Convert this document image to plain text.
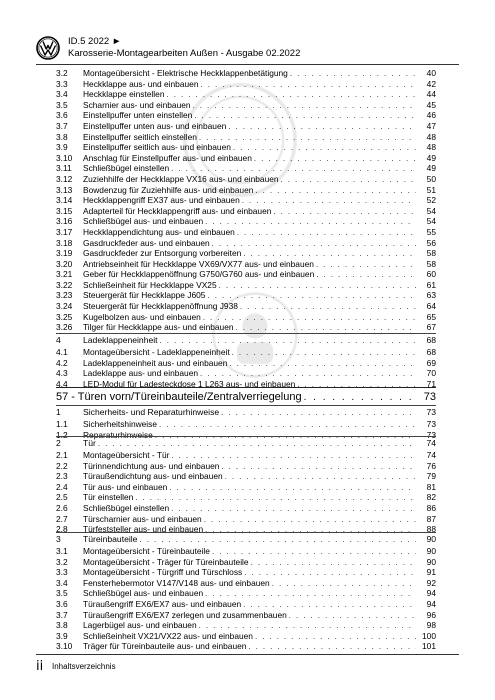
ID.5 2022 ►
Karosserie-Montagearbeiten Außen - Ausgabe 02.2022
3.2	Montageübersicht - Elektrische Heckklappenbetätigung . . .	40
3.3	Heckklappe aus- und einbauen . . .	42
3.4	Heckklappe einstellen . . .	44
3.5	Scharnier aus- und einbauen . . .	45
3.6	Einstellpuffer unten einstellen . . .	46
3.7	Einstellpuffer unten aus- und einbauen . . .	47
3.8	Einstellpuffer seitlich einstellen . . .	48
3.9	Einstellpuffer seitlich aus- und einbauen . . .	48
3.10	Anschlag für Einstellpuffer aus- und einbauen . . .	49
3.11	Schließbügel einstellen . . .	49
3.12	Zuziehhilfe der Heckklappe VX16 aus- und einbauen . . .	50
3.13	Bowdenzug für Zuziehhilfe aus- und einbauen . . .	51
3.14	Heckklappengriff EX37 aus- und einbauen . . .	52
3.15	Adapterteil für Heckklappengriff aus- und einbauen . . .	54
3.16	Schließbügel aus- und einbauen . . .	54
3.17	Heckklappendichtung aus- und einbauen . . .	55
3.18	Gasdruckfeder aus- und einbauen . . .	56
3.19	Gasdruckfeder zur Entsorgung vorbereiten . . .	58
3.20	Antriebseinheit für Heckklappe VX69/VX77 aus- und einbauen . . .	58
3.21	Geber für Heckklappenöffnung G750/G760 aus- und einbauen . . .	60
3.22	Schließeinheit für Heckklappe VX25 . . .	61
3.23	Steuergerät für Heckklappe J605 . . .	63
3.24	Steuergerät für Heckklappenöffnung J938 . . .	64
3.25	Kugelbolzen aus- und einbauen . . .	65
3.26	Tilger für Heckklappe aus- und einbauen . . .	67
4	Ladeklappeneinheit . . .	68
4.1	Montageübersicht - Ladeklappeneinheit . . .	68
4.2	Ladeklappeneinheit aus- und einbauen . . .	69
4.3	Ladeklappe aus- und einbauen . . .	70
4.4	LED-Modul für Ladesteckdose 1 L263 aus- und einbauen . . .	71
57 - Türen vorn/Türeinbauteile/Zentralverriegelung . . .	73
1	Sicherheits- und Reparaturhinweise . . .	73
1.1	Sicherheitshinweise . . .	73
1.2	Reparaturhinweise . . .	73
2	Tür . . .	74
2.1	Montageübersicht - Tür . . .	74
2.2	Türinnendichtung aus- und einbauen . . .	76
2.3	Türaußendichtung aus- und einbauen . . .	79
2.4	Tür aus- und einbauen . . .	81
2.5	Tür einstellen . . .	82
2.6	Schließbügel einstellen . . .	86
2.7	Türscharnier aus- und einbauen . . .	87
2.8	Türfeststeller aus- und einbauen . . .	88
3	Türeinbauteile . . .	90
3.1	Montageübersicht - Türeinbauteile . . .	90
3.2	Montageübersicht - Träger für Türeinbauteile . . .	90
3.3	Montageübersicht - Türgriff und Türschloss . . .	91
3.4	Fensterhebermotor V147/V148 aus- und einbauen . . .	92
3.5	Schließbügel aus- und einbauen . . .	94
3.6	Türaußengriff EX6/EX7 aus- und einbauen . . .	94
3.7	Türaußengriff EX6/EX7 zerlegen und zusammenbauen . . .	96
3.8	Lagerbügel aus- und einbauen . . .	98
3.9	Schließeinheit VX21/VX22 aus- und einbauen . . .	100
3.10	Träger für Türeinbauteile aus- und einbauen . . .	101
ii Inhaltsverzeichnis
